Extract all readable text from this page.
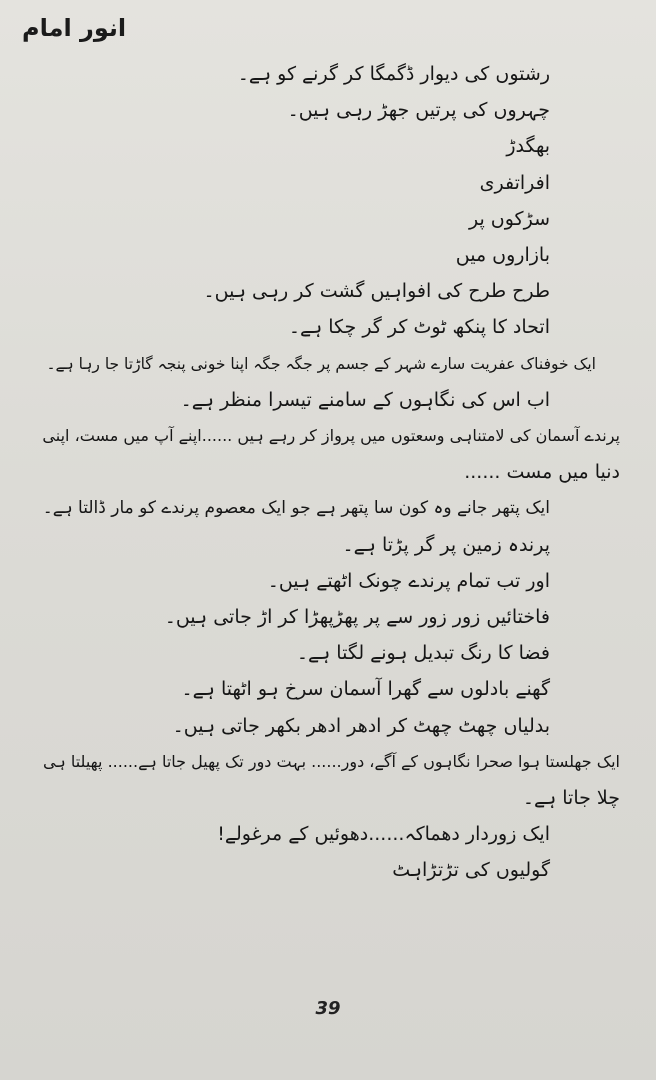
انور امام
رشتوں کی دیوار ڈگمگا کر گرنے کو ہے۔
چہروں کی پرتیں جھڑ رہی ہیں۔
بھگدڑ
افراتفری
سڑکوں پر
بازاروں میں
طرح طرح کی افواہیں گشت کر رہی ہیں۔
اتحاد کا پنکھ ٹوٹ کر گر چکا ہے۔
ایک خوفناک عفریت سارے شہر کے جسم پر جگہ جگہ اپنا خونی پنجہ گاڑتا جا رہا ہے۔
اب اس کی نگاہوں کے سامنے تیسرا منظر ہے۔
پرندے آسمان کی لامتناہی وسعتوں میں پرواز کر رہے ہیں ......اپنے آپ میں مست، اپنی
دنیا میں مست ......
ایک پتھر جانے وہ کون سا پتھر ہے جو ایک معصوم پرندے کو مار ڈالتا ہے۔
پرندہ زمین پر گر پڑتا ہے۔
اور تب تمام پرندے چونک اٹھتے ہیں۔
فاختائیں زور زور سے پر پھڑپھڑا کر اڑ جاتی ہیں۔
فضا کا رنگ تبدیل ہونے لگتا ہے۔
گھنے بادلوں سے گھرا آسمان سرخ ہو اٹھتا ہے۔
بدلیاں چھٹ چھٹ کر ادھر ادھر بکھر جاتی ہیں۔
ایک جھلستا ہوا صحرا نگاہوں کے آگے، دور...... بہت دور تک پھیل جاتا ہے...... پھیلتا ہی
چلا جاتا ہے۔
ایک زوردار دھماکہ......دھوئیں کے مرغولے!
گولیوں کی تڑتڑاہٹ
39
